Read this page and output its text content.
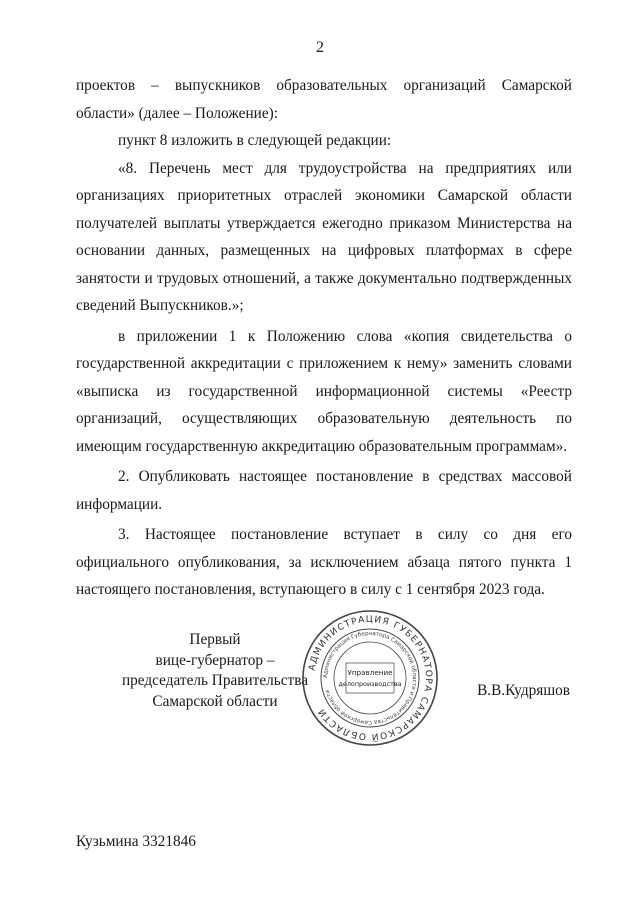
2

проектов – выпускников образовательных организаций Самарской области» (далее – Положение):

пункт 8 изложить в следующей редакции:

«8. Перечень мест для трудоустройства на предприятиях или организациях приоритетных отраслей экономики Самарской области получателей выплаты утверждается ежегодно приказом Министерства на основании данных, размещенных на цифровых платформах в сфере занятости и трудовых отношений, а также документально подтвержденных сведений Выпускников.»;

в приложении 1 к Положению слова «копия свидетельства о государственной аккредитации с приложением к нему» заменить словами «выписка из государственной информационной системы «Реестр организаций, осуществляющих образовательную деятельность по имеющим государственную аккредитацию образовательным программам».

2. Опубликовать настоящее постановление в средствах массовой информации.

3. Настоящее постановление вступает в силу со дня его официального опубликования, за исключением абзаца пятого пункта 1 настоящего постановления, вступающего в силу с 1 сентября 2023 года.

Первый
вице-губернатор –
председатель Правительства
Самарской области
АДМИНИСТРАЦИЯ ГУБЕРНАТОРА САМАРСКОЙ ОБЛАСТИ
Администрация Губернатора Самарской области и Правительства Самарской области
Управление
делопроизводства	В.В.Кудряшов
Кузьмина 3321846
